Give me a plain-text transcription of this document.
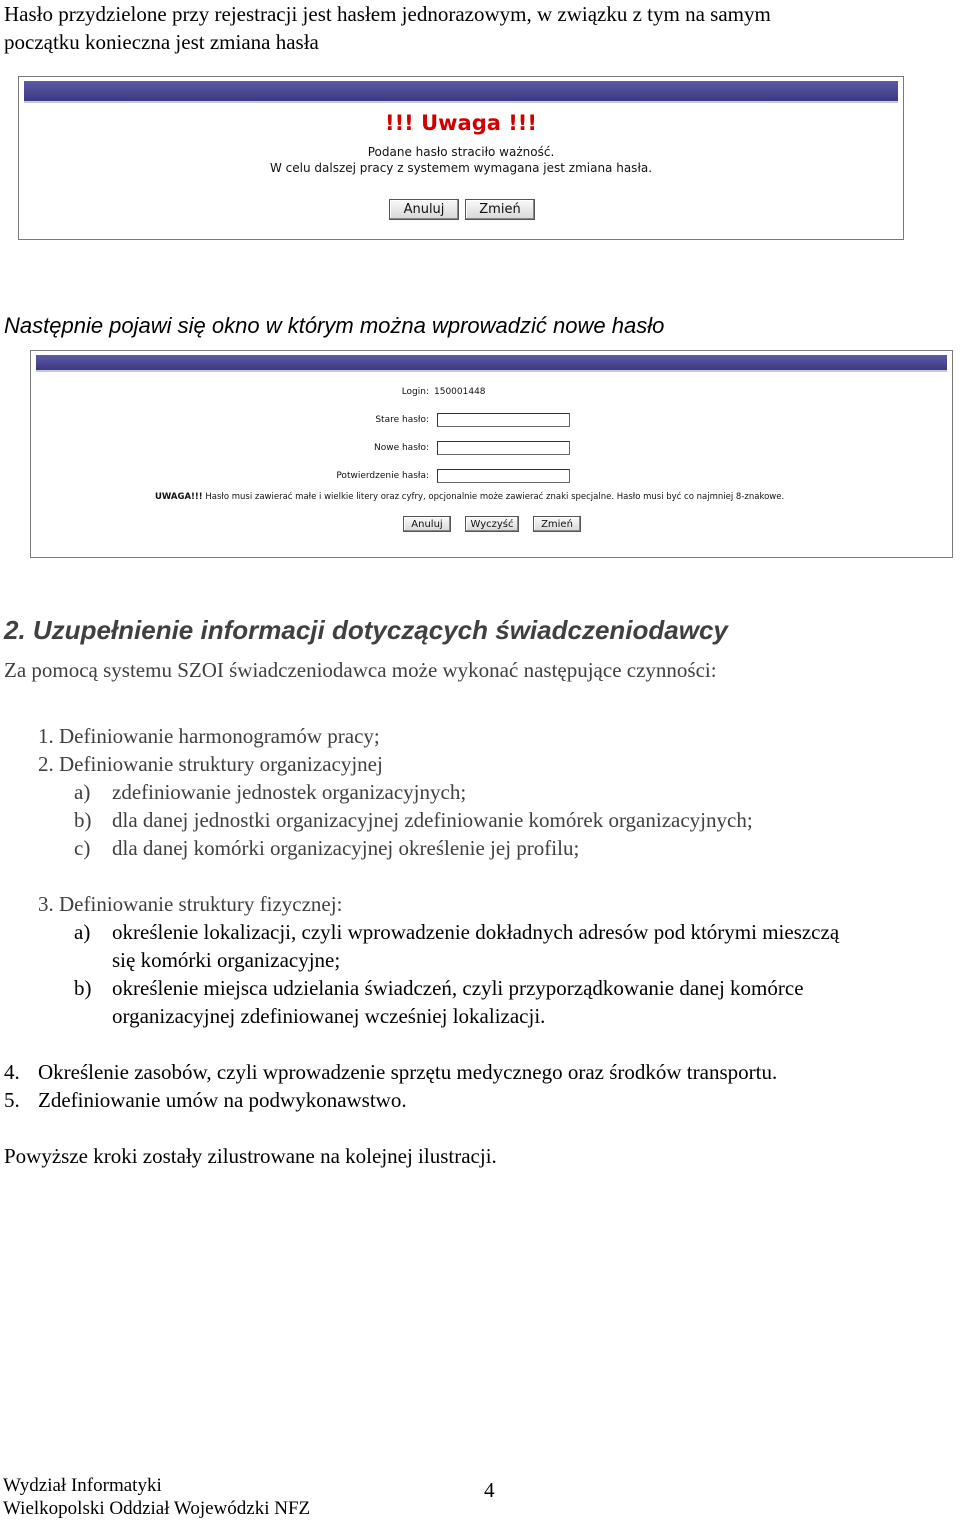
Hasło przydzielone przy rejestracji jest hasłem jednorazowym, w związku z tym na samym
początku konieczna jest zmiana hasła
!!! Uwaga !!!
Podane hasło straciło ważność.
W celu dalszej pracy z systemem wymagana jest zmiana hasła.
Anuluj	Zmień
Następnie pojawi się okno w którym można wprowadzić nowe hasło
Login: 150001448
Stare hasło:
Nowe hasło:
Potwierdzenie hasła:
UWAGA!!! Hasło musi zawierać małe i wielkie litery oraz cyfry, opcjonalnie może zawierać znaki specjalne. Hasło musi być co najmniej 8-znakowe.
Anuluj	Wyczyść	Zmień
2. Uzupełnienie informacji dotyczących świadczeniodawcy
Za pomocą systemu SZOI świadczeniodawca może wykonać następujące czynności:
1. Definiowanie harmonogramów pracy;
2. Definiowanie struktury organizacyjnej
a) zdefiniowanie jednostek organizacyjnych;
b) dla danej jednostki organizacyjnej zdefiniowanie komórek organizacyjnych;
c) dla danej komórki organizacyjnej określenie jej profilu;
3. Definiowanie struktury fizycznej:
a) określenie lokalizacji, czyli wprowadzenie dokładnych adresów pod którymi mieszczą
się komórki organizacyjne;
b) określenie miejsca udzielania świadczeń, czyli przyporządkowanie danej komórce
organizacyjnej zdefiniowanej wcześniej lokalizacji.
4. Określenie zasobów, czyli wprowadzenie sprzętu medycznego oraz środków transportu.
5. Zdefiniowanie umów na podwykonawstwo.
Powyższe kroki zostały zilustrowane na kolejnej ilustracji.
Wydział Informatyki
Wielkopolski Oddział Wojewódzki NFZ
4
